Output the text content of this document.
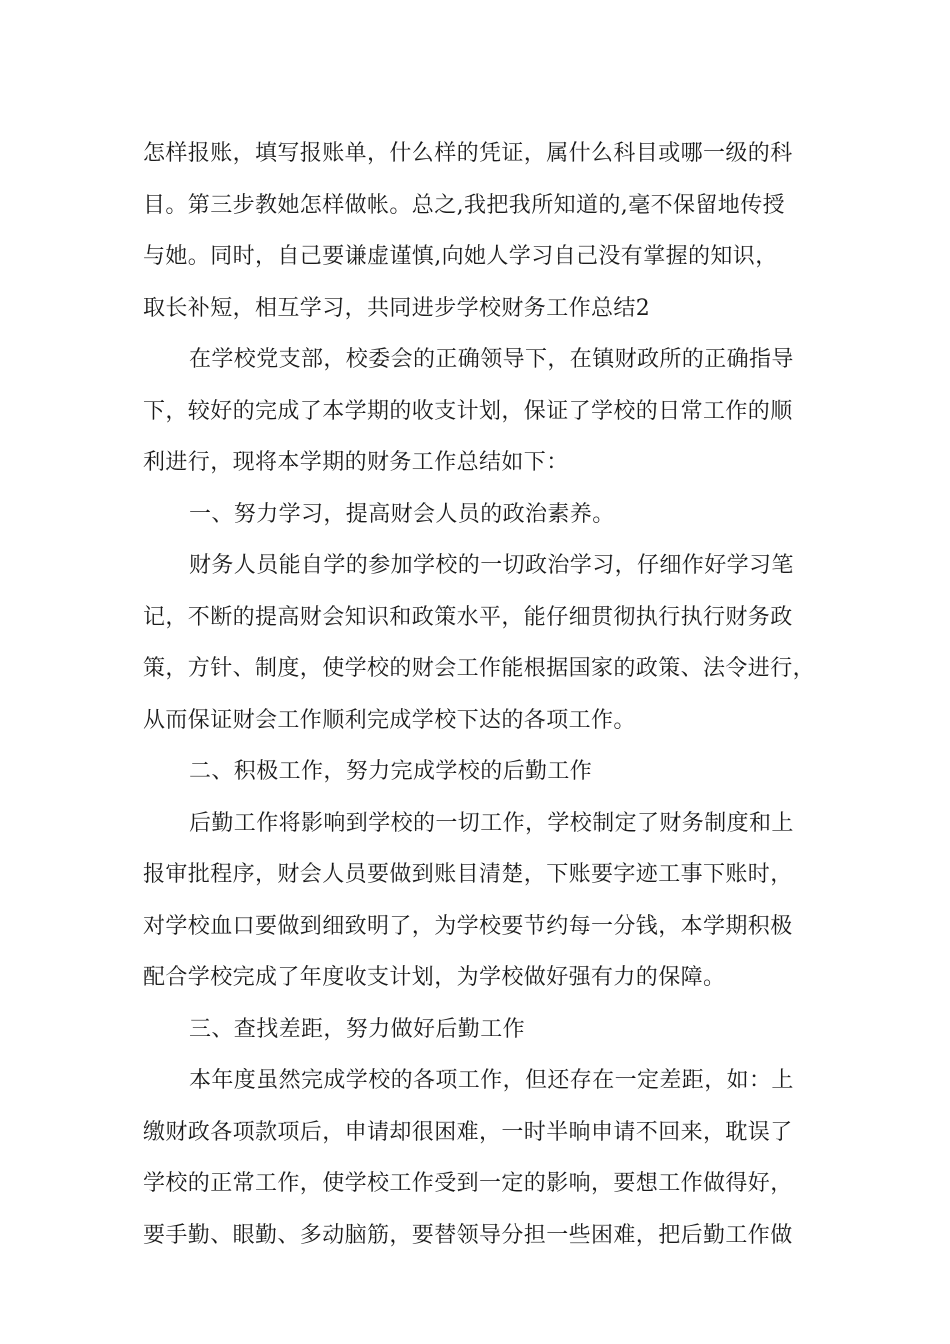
怎样报账，填写报账单，什么样的凭证，属什么科目或哪一级的科
目。第三步教她怎样做帐。总之,我把我所知道的,毫不保留地传授
与她。同时，自己要谦虚谨慎,向她人学习自己没有掌握的知识，
取长补短，相互学习，共同进步学校财务工作总结2

在学校党支部，校委会的正确领导下，在镇财政所的正确指导
下，较好的完成了本学期的收支计划，保证了学校的日常工作的顺
利进行，现将本学期的财务工作总结如下：

一、努力学习，提高财会人员的政治素养。

财务人员能自学的参加学校的一切政治学习，仔细作好学习笔
记，不断的提高财会知识和政策水平，能仔细贯彻执行执行财务政
策，方针、制度，使学校的财会工作能根据国家的政策、法令进行，
从而保证财会工作顺利完成学校下达的各项工作。

二、积极工作，努力完成学校的后勤工作

后勤工作将影响到学校的一切工作，学校制定了财务制度和上
报审批程序，财会人员要做到账目清楚，下账要字迹工事下账时，
对学校血口要做到细致明了，为学校要节约每一分钱，本学期积极
配合学校完成了年度收支计划，为学校做好强有力的保障。

三、查找差距，努力做好后勤工作

本年度虽然完成学校的各项工作，但还存在一定差距，如：上
缴财政各项款项后，申请却很困难，一时半晌申请不回来，耽误了
学校的正常工作，使学校工作受到一定的影响，要想工作做得好，
要手勤、眼勤、多动脑筋，要替领导分担一些困难，把后勤工作做
